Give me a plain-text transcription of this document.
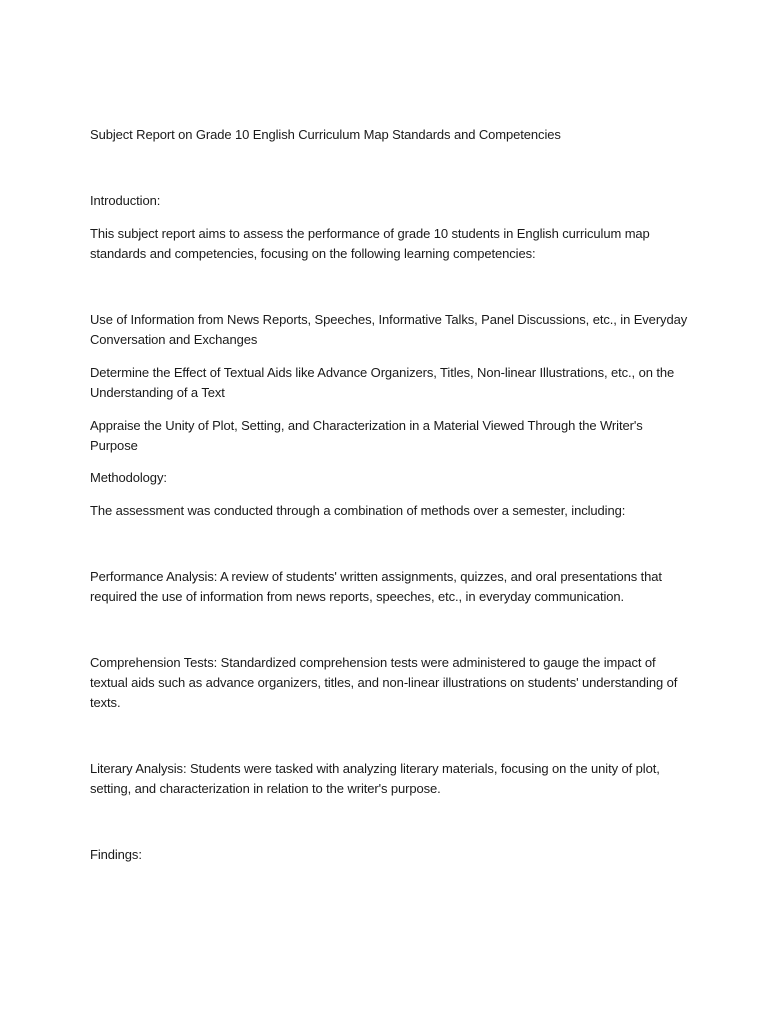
Subject Report on Grade 10 English Curriculum Map Standards and Competencies

Introduction:

This subject report aims to assess the performance of grade 10 students in English curriculum map standards and competencies, focusing on the following learning competencies:

Use of Information from News Reports, Speeches, Informative Talks, Panel Discussions, etc., in Everyday Conversation and Exchanges

Determine the Effect of Textual Aids like Advance Organizers, Titles, Non-linear Illustrations, etc., on the Understanding of a Text

Appraise the Unity of Plot, Setting, and Characterization in a Material Viewed Through the Writer's Purpose

Methodology:

The assessment was conducted through a combination of methods over a semester, including:

Performance Analysis: A review of students' written assignments, quizzes, and oral presentations that required the use of information from news reports, speeches, etc., in everyday communication.

Comprehension Tests: Standardized comprehension tests were administered to gauge the impact of textual aids such as advance organizers, titles, and non-linear illustrations on students' understanding of texts.

Literary Analysis: Students were tasked with analyzing literary materials, focusing on the unity of plot, setting, and characterization in relation to the writer's purpose.

Findings:
